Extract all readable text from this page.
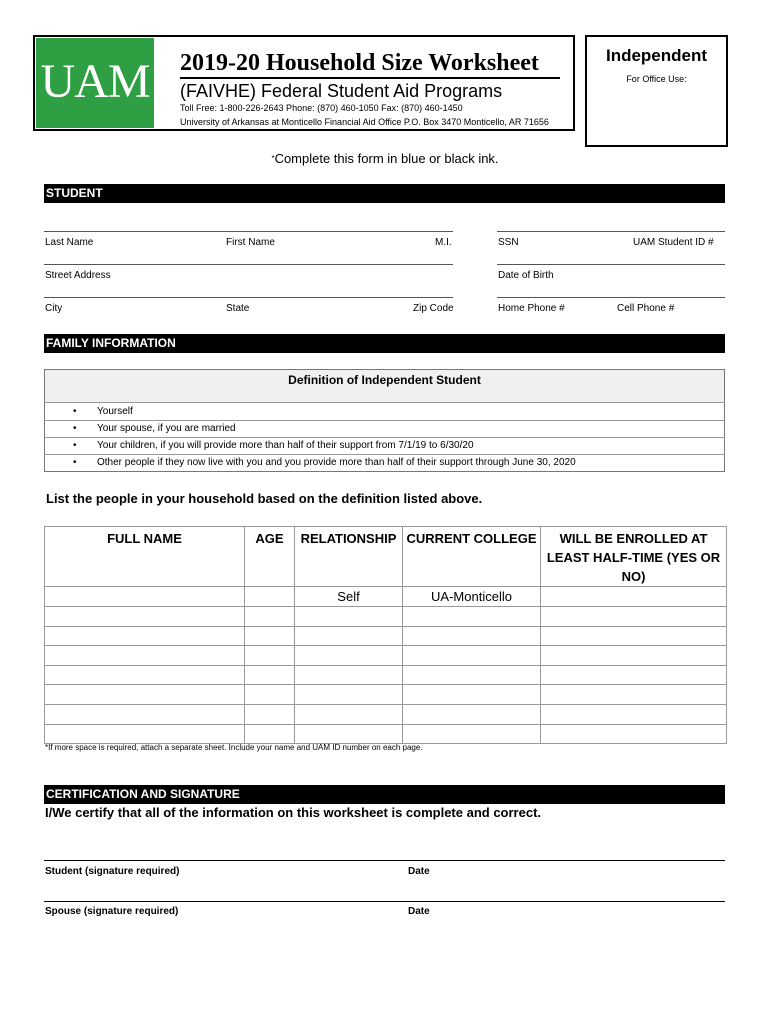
UAM 2019-20 Household Size Worksheet
(FAIVHE) Federal Student Aid Programs
Toll Free: 1-800-226-2643 Phone: (870) 460-1050 Fax: (870) 460-1450
University of Arkansas at Monticello Financial Aid Office P.O. Box 3470 Monticello, AR 71656
Independent
For Office Use:
*Complete this form in blue or black ink.
STUDENT
Last Name	First Name	M.I.	SSN	UAM Student ID #
Street Address	Date of Birth
City	State	Zip Code	Home Phone #	Cell Phone #
FAMILY INFORMATION
Definition of Independent Student
• Yourself
• Your spouse, if you are married
• Your children, if you will provide more than half of their support from 7/1/19 to 6/30/20
• Other people if they now live with you and you provide more than half of their support through June 30, 2020
List the people in your household based on the definition listed above.
FULL NAME	AGE	RELATIONSHIP	CURRENT COLLEGE	WILL BE ENROLLED AT LEAST HALF-TIME (YES OR NO)
		Self	UA-Monticello	

*If more space is required, attach a separate sheet. Include your name and UAM ID number on each page.
CERTIFICATION AND SIGNATURE
I/We certify that all of the information on this worksheet is complete and correct.
Student (signature required)	Date
Spouse (signature required)	Date
